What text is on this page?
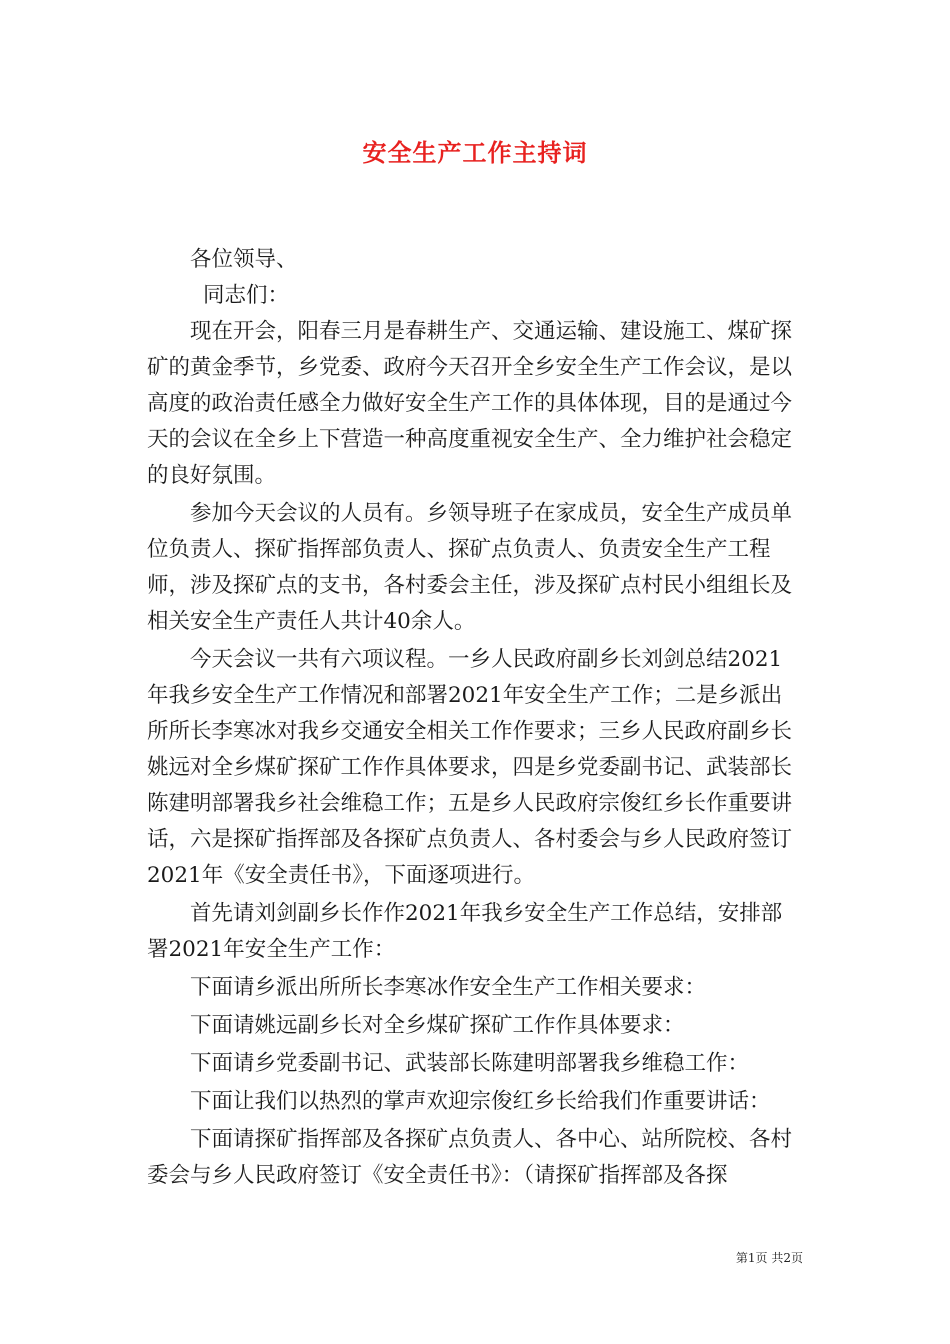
安全生产工作主持词

各位领导、

同志们：

现在开会，阳春三月是春耕生产、交通运输、建设施工、煤矿探矿的黄金季节，乡党委、政府今天召开全乡安全生产工作会议，是以高度的政治责任感全力做好安全生产工作的具体体现，目的是通过今天的会议在全乡上下营造一种高度重视安全生产、全力维护社会稳定的良好氛围。

参加今天会议的人员有。乡领导班子在家成员，安全生产成员单位负责人、探矿指挥部负责人、探矿点负责人、负责安全生产工程师，涉及探矿点的支书，各村委会主任，涉及探矿点村民小组组长及相关安全生产责任人共计40余人。

今天会议一共有六项议程。一乡人民政府副乡长刘剑总结2021年我乡安全生产工作情况和部署2021年安全生产工作；二是乡派出所所长李寒冰对我乡交通安全相关工作作要求；三乡人民政府副乡长姚远对全乡煤矿探矿工作作具体要求，四是乡党委副书记、武装部长陈建明部署我乡社会维稳工作；五是乡人民政府宗俊红乡长作重要讲话，六是探矿指挥部及各探矿点负责人、各村委会与乡人民政府签订2021年《安全责任书》，下面逐项进行。

首先请刘剑副乡长作作2021年我乡安全生产工作总结，安排部署2021年安全生产工作：

下面请乡派出所所长李寒冰作安全生产工作相关要求：

下面请姚远副乡长对全乡煤矿探矿工作作具体要求：

下面请乡党委副书记、武装部长陈建明部署我乡维稳工作：

下面让我们以热烈的掌声欢迎宗俊红乡长给我们作重要讲话：

下面请探矿指挥部及各探矿点负责人、各中心、站所院校、各村委会与乡人民政府签订《安全责任书》：（请探矿指挥部及各探

第1页 共2页
